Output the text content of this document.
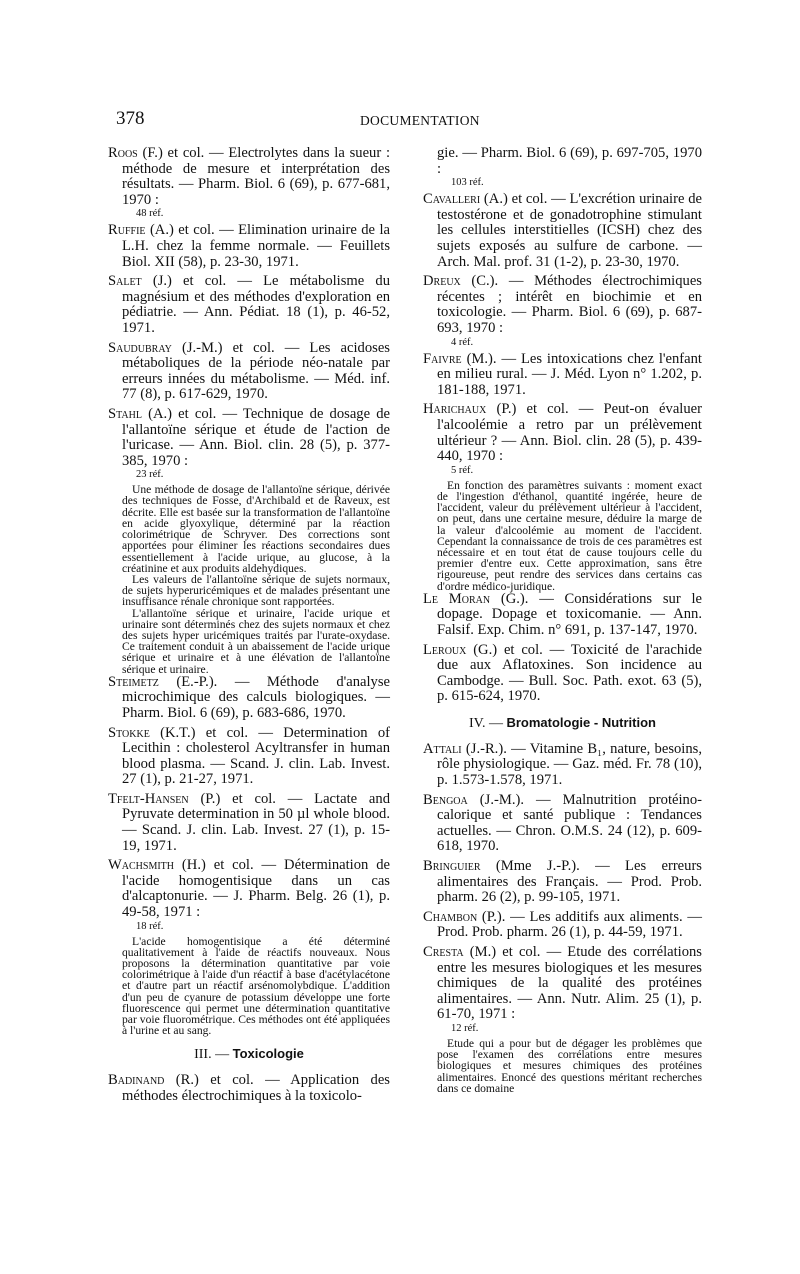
378	DOCUMENTATION
Roos (F.) et col. — Electrolytes dans la sueur : méthode de mesure et interprétation des résultats. — Pharm. Biol. 6 (69), p. 677-681, 1970 :
48 réf.
Ruffie (A.) et col. — Elimination urinaire de la L.H. chez la femme normale. — Feuillets Biol. XII (58), p. 23-30, 1971.
Salet (J.) et col. — Le métabolisme du magnésium et des méthodes d'exploration en pédiatrie. — Ann. Pédiat. 18 (1), p. 46-52, 1971.
Saudubray (J.-M.) et col. — Les acidoses métaboliques de la période néo-natale par erreurs innées du métabolisme. — Méd. inf. 77 (8), p. 617-629, 1970.
Stahl (A.) et col. — Technique de dosage de l'allantoïne sérique et étude de l'action de l'uricase. — Ann. Biol. clin. 28 (5), p. 377-385, 1970 :
23 réf.
Une méthode de dosage de l'allantoïne sérique, dérivée des techniques de Fosse, d'Archibald et de Raveux, est décrite. Elle est basée sur la transformation de l'allantoïne en acide glyoxylique, déterminé par la réaction colorimétrique de Schryver. Des corrections sont apportées pour éliminer les réactions secondaires dues essentiellement à l'acide urique, au glucose, à la créatinine et aux produits aldehydiques.
Les valeurs de l'allantoïne sérique de sujets normaux, de sujets hyperuricémiques et de malades présentant une insuffisance rénale chronique sont rapportées.
L'allantoïne sérique et urinaire, l'acide urique et urinaire sont déterminés chez des sujets normaux et chez des sujets hyper uricémiques traités par l'urate-oxydase. Ce traitement conduit à un abaissement de l'acide urique sérique et urinaire et à une élévation de l'allantoïne sérique et urinaire.
Steimetz (E.-P.). — Méthode d'analyse microchimique des calculs biologiques. — Pharm. Biol. 6 (69), p. 683-686, 1970.
Stokke (K.T.) et col. — Determination of Lecithin : cholesterol Acyltransfer in human blood plasma. — Scand. J. clin. Lab. Invest. 27 (1), p. 21-27, 1971.
Tfelt-Hansen (P.) et col. — Lactate and Pyruvate determination in 50 µl whole blood. — Scand. J. clin. Lab. Invest. 27 (1), p. 15-19, 1971.
Wachsmith (H.) et col. — Détermination de l'acide homogentisique dans un cas d'alcaptonurie. — J. Pharm. Belg. 26 (1), p. 49-58, 1971 :
18 réf.
L'acide homogentisique a été déterminé qualitativement à l'aide de réactifs nouveaux. Nous proposons la détermination quantitative par voie colorimétrique à l'aide d'un réactif à base d'acétylacétone et d'autre part un réactif arsénomolybdique. L'addition d'un peu de cyanure de potassium développe une forte fluorescence qui permet une détermination quantitative par voie fluorométrique. Ces méthodes ont été appliquées à l'urine et au sang.
III. — Toxicologie
Badinand (R.) et col. — Application des méthodes électrochimiques à la toxicolo-
gie. — Pharm. Biol. 6 (69), p. 697-705, 1970 :
103 réf.
Cavalleri (A.) et col. — L'excrétion urinaire de testostérone et de gonadotrophine stimulant les cellules interstitielles (ICSH) chez des sujets exposés au sulfure de carbone. — Arch. Mal. prof. 31 (1-2), p. 23-30, 1970.
Dreux (C.). — Méthodes électrochimiques récentes ; intérêt en biochimie et en toxicologie. — Pharm. Biol. 6 (69), p. 687-693, 1970 :
4 réf.
Faivre (M.). — Les intoxications chez l'enfant en milieu rural. — J. Méd. Lyon n° 1.202, p. 181-188, 1971.
Harichaux (P.) et col. — Peut-on évaluer l'alcoolémie a retro par un prélèvement ultérieur ? — Ann. Biol. clin. 28 (5), p. 439-440, 1970 :
5 réf.
En fonction des paramètres suivants : moment exact de l'ingestion d'éthanol, quantité ingérée, heure de l'accident, valeur du prélèvement ultérieur à l'accident, on peut, dans une certaine mesure, déduire la marge de la valeur d'alcoolémie au moment de l'accident. Cependant la connaissance de trois de ces paramètres est nécessaire et en tout état de cause toujours celle du premier d'entre eux. Cette approximation, sans être rigoureuse, peut rendre des services dans certains cas d'ordre médico-juridique.
Le Moran (G.). — Considérations sur le dopage. Dopage et toxicomanie. — Ann. Falsif. Exp. Chim. n° 691, p. 137-147, 1970.
Leroux (G.) et col. — Toxicité de l'arachide due aux Aflatoxines. Son incidence au Cambodge. — Bull. Soc. Path. exot. 63 (5), p. 615-624, 1970.
IV. — Bromatologie - Nutrition
Attali (J.-R.). — Vitamine B₁, nature, besoins, rôle physiologique. — Gaz. méd. Fr. 78 (10), p. 1.573-1.578, 1971.
Bengoa (J.-M.). — Malnutrition protéino-calorique et santé publique : Tendances actuelles. — Chron. O.M.S. 24 (12), p. 609-618, 1970.
Bringuier (Mme J.-P.). — Les erreurs alimentaires des Français. — Prod. Prob. pharm. 26 (2), p. 99-105, 1971.
Chambon (P.). — Les additifs aux aliments. — Prod. Prob. pharm. 26 (1), p. 44-59, 1971.
Cresta (M.) et col. — Etude des corrélations entre les mesures biologiques et les mesures chimiques de la qualité des protéines alimentaires. — Ann. Nutr. Alim. 25 (1), p. 61-70, 1971 :
12 réf.
Etude qui a pour but de dégager les problèmes que pose l'examen des corrélations entre mesures biologiques et mesures chimiques des protéines alimentaires. Enoncé des questions méritant recherches dans ce domaine
